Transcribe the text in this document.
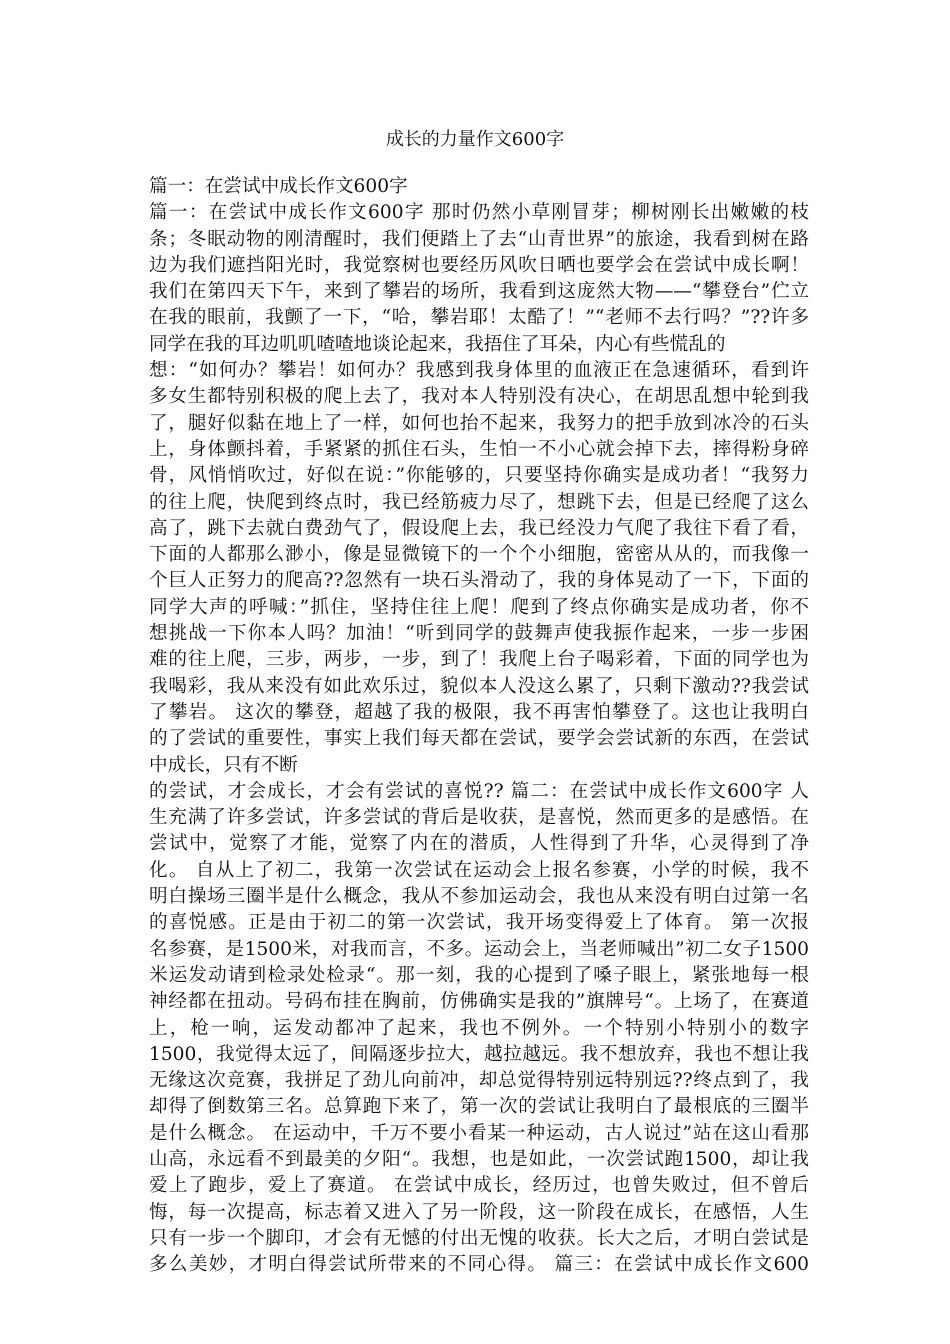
成长的力量作文600字
篇一：在尝试中成长作文600字
篇一：在尝试中成长作文600字 那时仍然小草刚冒芽；柳树刚长出嫩嫩的枝
条；冬眠动物的刚清醒时，我们便踏上了去“山青世界”的旅途，我看到树在路
边为我们遮挡阳光时，我觉察树也要经历风吹日晒也要学会在尝试中成长啊！
我们在第四天下午，来到了攀岩的场所，我看到这庞然大物——“攀登台”伫立
在我的眼前，我颤了一下，“哈，攀岩耶！太酷了！”“老师不去行吗？”??许多
同学在我的耳边叽叽喳喳地谈论起来，我捂住了耳朵，内心有些慌乱的
想：“如何办？攀岩！如何办？我感到我身体里的血液正在急速循环，看到许
多女生都特别积极的爬上去了，我对本人特别没有决心，在胡思乱想中轮到我
了，腿好似黏在地上了一样，如何也抬不起来，我努力的把手放到冰冷的石头
上，身体颤抖着，手紧紧的抓住石头，生怕一不小心就会掉下去，摔得粉身碎
骨，风悄悄吹过，好似在说：”你能够的，只要坚持你确实是成功者！“我努力
的往上爬，快爬到终点时，我已经筋疲力尽了，想跳下去，但是已经爬了这么
高了，跳下去就白费劲气了，假设爬上去，我已经没力气爬了我往下看了看，
下面的人都那么渺小，像是显微镜下的一个个小细胞，密密从从的，而我像一
个巨人正努力的爬高??忽然有一块石头滑动了，我的身体晃动了一下，下面的
同学大声的呼喊：”抓住，坚持住往上爬！爬到了终点你确实是成功者，你不
想挑战一下你本人吗？加油！“听到同学的鼓舞声使我振作起来，一步一步困
难的往上爬，三步，两步，一步，到了！我爬上台子喝彩着，下面的同学也为
我喝彩，我从来没有如此欢乐过，貌似本人没这么累了，只剩下激动??我尝试
了攀岩。 这次的攀登，超越了我的极限，我不再害怕攀登了。这也让我明白
的了尝试的重要性，事实上我们每天都在尝试，要学会尝试新的东西，在尝试
中成长，只有不断
的尝试，才会成长，才会有尝试的喜悦?? 篇二：在尝试中成长作文600字 人
生充满了许多尝试，许多尝试的背后是收获，是喜悦，然而更多的是感悟。在
尝试中，觉察了才能，觉察了内在的潜质，人性得到了升华，心灵得到了净
化。 自从上了初二，我第一次尝试在运动会上报名参赛，小学的时候，我不
明白操场三圈半是什么概念，我从不参加运动会，我也从来没有明白过第一名
的喜悦感。正是由于初二的第一次尝试，我开场变得爱上了体育。 第一次报
名参赛，是1500米，对我而言，不多。运动会上，当老师喊出”初二女子1500
米运发动请到检录处检录“。那一刻，我的心提到了嗓子眼上，紧张地每一根
神经都在扭动。号码布挂在胸前，仿佛确实是我的”旗牌号“。上场了，在赛道
上，枪一响，运发动都冲了起来，我也不例外。一个特别小特别小的数字
1500，我觉得太远了，间隔逐步拉大，越拉越远。我不想放弃，我也不想让我
无缘这次竞赛，我拼足了劲儿向前冲，却总觉得特别远特别远??终点到了，我
却得了倒数第三名。总算跑下来了，第一次的尝试让我明白了最根底的三圈半
是什么概念。 在运动中，千万不要小看某一种运动，古人说过”站在这山看那
山高，永远看不到最美的夕阳“。我想，也是如此，一次尝试跑1500，却让我
爱上了跑步，爱上了赛道。 在尝试中成长，经历过，也曾失败过，但不曾后
悔，每一次提高，标志着又进入了另一阶段，这一阶段在成长，在感悟，人生
只有一步一个脚印，才会有无憾的付出无愧的收获。长大之后，才明白尝试是
多么美妙，才明白得尝试所带来的不同心得。 篇三：在尝试中成长作文600
